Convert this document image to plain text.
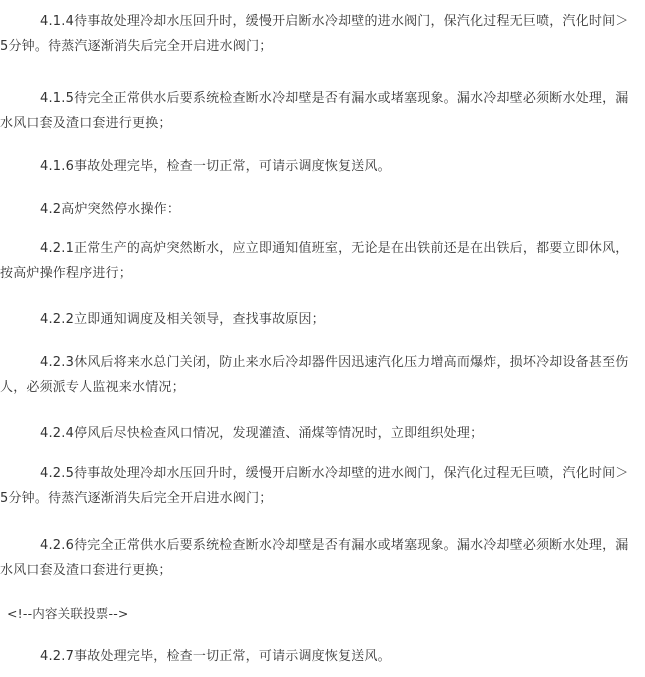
4.1.4待事故处理冷却水压回升时，缓慢开启断水冷却壁的进水阀门，保汽化过程无巨喷，汽化时间＞5分钟。待蒸汽逐渐消失后完全开启进水阀门；

4.1.5待完全正常供水后要系统检查断水冷却壁是否有漏水或堵塞现象。漏水冷却壁必须断水处理，漏水风口套及渣口套进行更换；

4.1.6事故处理完毕，检查一切正常，可请示调度恢复送风。

4.2高炉突然停水操作：

4.2.1正常生产的高炉突然断水，应立即通知值班室，无论是在出铁前还是在出铁后，都要立即休风，按高炉操作程序进行；

4.2.2立即通知调度及相关领导，查找事故原因；

4.2.3休风后将来水总门关闭，防止来水后冷却器件因迅速汽化压力增高而爆炸，损坏冷却设备甚至伤人，必须派专人监视来水情况；

4.2.4停风后尽快检查风口情况，发现灌渣、涌煤等情况时，立即组织处理；

4.2.5待事故处理冷却水压回升时，缓慢开启断水冷却壁的进水阀门，保汽化过程无巨喷，汽化时间＞5分钟。待蒸汽逐渐消失后完全开启进水阀门；

4.2.6待完全正常供水后要系统检查断水冷却壁是否有漏水或堵塞现象。漏水冷却壁必须断水处理，漏水风口套及渣口套进行更换；

<!--内容关联投票-->

4.2.7事故处理完毕，检查一切正常，可请示调度恢复送风。
